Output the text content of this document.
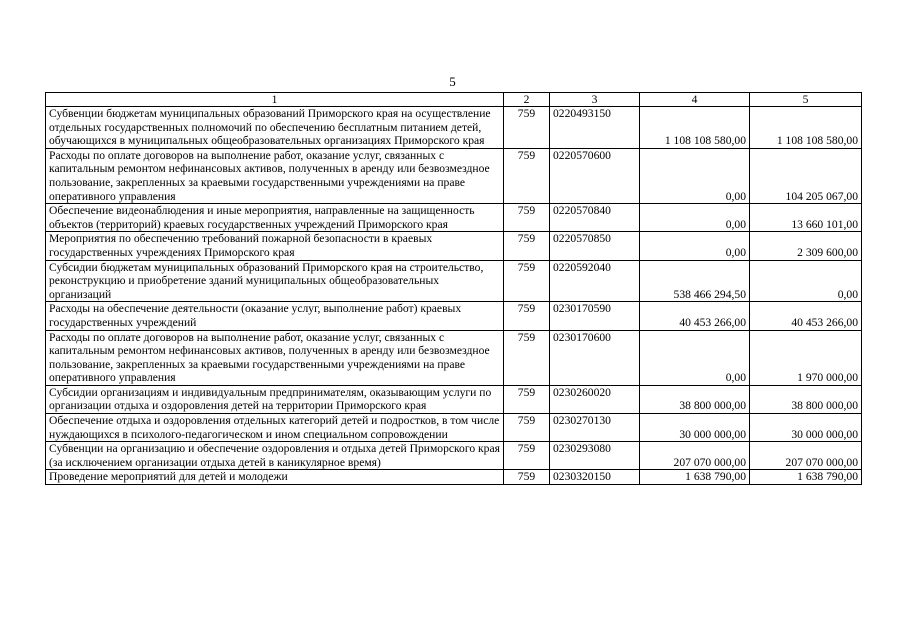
5
1	2	3	4	5
Субвенции бюджетам муниципальных образований Приморского края на осуществление отдельных государственных полномочий по обеспечению бесплатным питанием детей, обучающихся в муниципальных общеобразовательных организациях Приморского края	759	0220493150	1 108 108 580,00	1 108 108 580,00
Расходы по оплате договоров на выполнение работ, оказание услуг, связанных с капитальным ремонтом нефинансовых активов, полученных в аренду или безвозмездное пользование, закрепленных за краевыми государственными учреждениями на праве оперативного управления	759	0220570600	0,00	104 205 067,00
Обеспечение видеонаблюдения и иные мероприятия, направленные на защищенность объектов (территорий) краевых государственных учреждений Приморского края	759	0220570840	0,00	13 660 101,00
Мероприятия по обеспечению требований пожарной безопасности в краевых государственных учреждениях Приморского края	759	0220570850	0,00	2 309 600,00
Субсидии бюджетам муниципальных образований Приморского края на строительство, реконструкцию и приобретение зданий муниципальных общеобразовательных организаций	759	0220592040	538 466 294,50	0,00
Расходы на обеспечение деятельности (оказание услуг, выполнение работ) краевых государственных учреждений	759	0230170590	40 453 266,00	40 453 266,00
Расходы по оплате договоров на выполнение работ, оказание услуг, связанных с капитальным ремонтом нефинансовых активов, полученных в аренду или безвозмездное пользование, закрепленных за краевыми государственными учреждениями на праве оперативного управления	759	0230170600	0,00	1 970 000,00
Субсидии организациям и индивидуальным предпринимателям, оказывающим услуги по организации отдыха и оздоровления детей на территории Приморского края	759	0230260020	38 800 000,00	38 800 000,00
Обеспечение отдыха и оздоровления отдельных категорий детей и подростков, в том числе нуждающихся в психолого-педагогическом и ином специальном сопровождении	759	0230270130	30 000 000,00	30 000 000,00
Субвенции на организацию и обеспечение оздоровления и отдыха детей Приморского края (за исключением организации отдыха детей в каникулярное время)	759	0230293080	207 070 000,00	207 070 000,00
Проведение мероприятий для детей и молодежи	759	0230320150	1 638 790,00	1 638 790,00
